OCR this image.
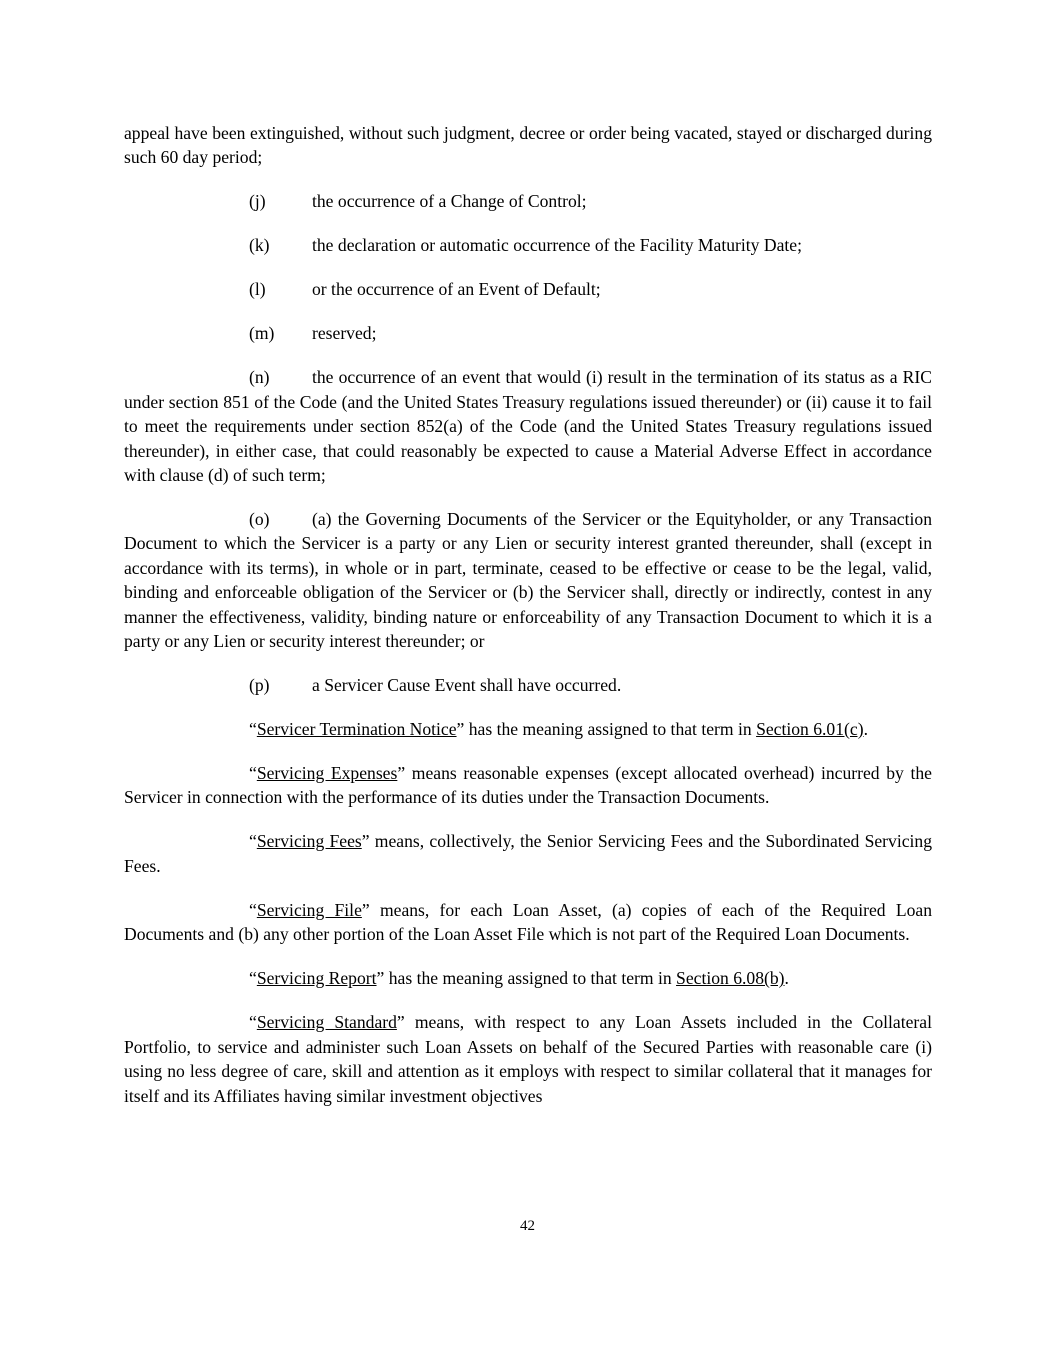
appeal have been extinguished, without such judgment, decree or order being vacated, stayed or discharged during such 60 day period;

(j)	the occurrence of a Change of Control;

(k) the declaration or automatic occurrence of the Facility Maturity Date;

(l)	or the occurrence of an Event of Default;

(m) reserved;

(n) the occurrence of an event that would (i) result in the termination of its status as a RIC under section 851 of the Code (and the United States Treasury regulations issued thereunder) or (ii) cause it to fail to meet the requirements under section 852(a) of the Code (and the United States Treasury regulations issued thereunder), in either case, that could reasonably be expected to cause a Material Adverse Effect in accordance with clause (d) of such term;

(o) (a) the Governing Documents of the Servicer or the Equityholder, or any Transaction Document to which the Servicer is a party or any Lien or security interest granted thereunder, shall (except in accordance with its terms), in whole or in part, terminate, ceased to be effective or cease to be the legal, valid, binding and enforceable obligation of the Servicer or (b) the Servicer shall, directly or indirectly, contest in any manner the effectiveness, validity, binding nature or enforceability of any Transaction Document to which it is a party or any Lien or security interest thereunder; or

(p) a Servicer Cause Event shall have occurred.

“Servicer Termination Notice” has the meaning assigned to that term in Section 6.01(c).

“Servicing Expenses” means reasonable expenses (except allocated overhead) incurred by the Servicer in connection with the performance of its duties under the Transaction Documents.

“Servicing Fees” means, collectively, the Senior Servicing Fees and the Subordinated Servicing Fees.

“Servicing File” means, for each Loan Asset, (a) copies of each of the Required Loan Documents and (b) any other portion of the Loan Asset File which is not part of the Required Loan Documents.

“Servicing Report” has the meaning assigned to that term in Section 6.08(b).

“Servicing Standard” means, with respect to any Loan Assets included in the Collateral Portfolio, to service and administer such Loan Assets on behalf of the Secured Parties with reasonable care (i) using no less degree of care, skill and attention as it employs with respect to similar collateral that it manages for itself and its Affiliates having similar investment objectives

42
